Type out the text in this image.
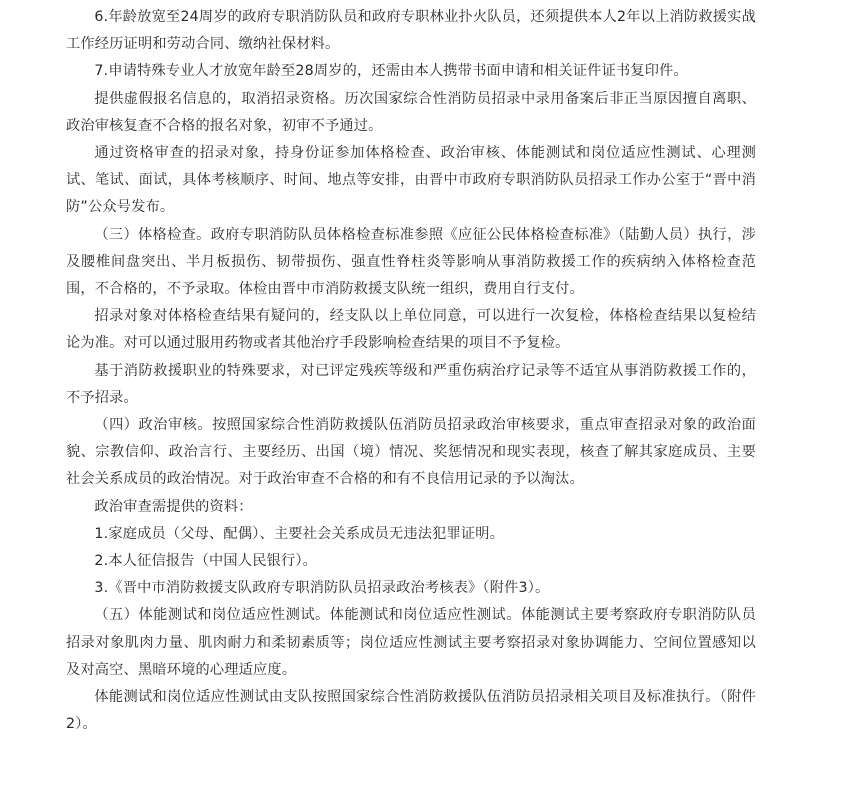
6.年龄放宽至24周岁的政府专职消防队员和政府专职林业扑火队员，还须提供本人2年以上消防救援实战工作经历证明和劳动合同、缴纳社保材料。

7.申请特殊专业人才放宽年龄至28周岁的，还需由本人携带书面申请和相关证件证书复印件。

提供虚假报名信息的，取消招录资格。历次国家综合性消防员招录中录用备案后非正当原因擅自离职、政治审核复查不合格的报名对象，初审不予通过。

通过资格审查的招录对象，持身份证参加体格检查、政治审核、体能测试和岗位适应性测试、心理测试、笔试、面试，具体考核顺序、时间、地点等安排，由晋中市政府专职消防队员招录工作办公室于“晋中消防”公众号发布。

（三）体格检查。政府专职消防队员体格检查标准参照《应征公民体格检查标准》（陆勤人员）执行，涉及腰椎间盘突出、半月板损伤、韧带损伤、强直性脊柱炎等影响从事消防救援工作的疾病纳入体格检查范围，不合格的，不予录取。体检由晋中市消防救援支队统一组织，费用自行支付。

招录对象对体格检查结果有疑问的，经支队以上单位同意，可以进行一次复检，体格检查结果以复检结论为准。对可以通过服用药物或者其他治疗手段影响检查结果的项目不予复检。

基于消防救援职业的特殊要求，对已评定残疾等级和严重伤病治疗记录等不适宜从事消防救援工作的，不予招录。

（四）政治审核。按照国家综合性消防救援队伍消防员招录政治审核要求，重点审查招录对象的政治面貌、宗教信仰、政治言行、主要经历、出国（境）情况、奖惩情况和现实表现，核查了解其家庭成员、主要社会关系成员的政治情况。对于政治审查不合格的和有不良信用记录的予以淘汰。

政治审查需提供的资料：

1.家庭成员（父母、配偶）、主要社会关系成员无违法犯罪证明。

2.本人征信报告（中国人民银行）。

3.《晋中市消防救援支队政府专职消防队员招录政治考核表》（附件3）。

（五）体能测试和岗位适应性测试。体能测试和岗位适应性测试。体能测试主要考察政府专职消防队员招录对象肌肉力量、肌肉耐力和柔韧素质等；岗位适应性测试主要考察招录对象协调能力、空间位置感知以及对高空、黑暗环境的心理适应度。

体能测试和岗位适应性测试由支队按照国家综合性消防救援队伍消防员招录相关项目及标准执行。（附件2）。
